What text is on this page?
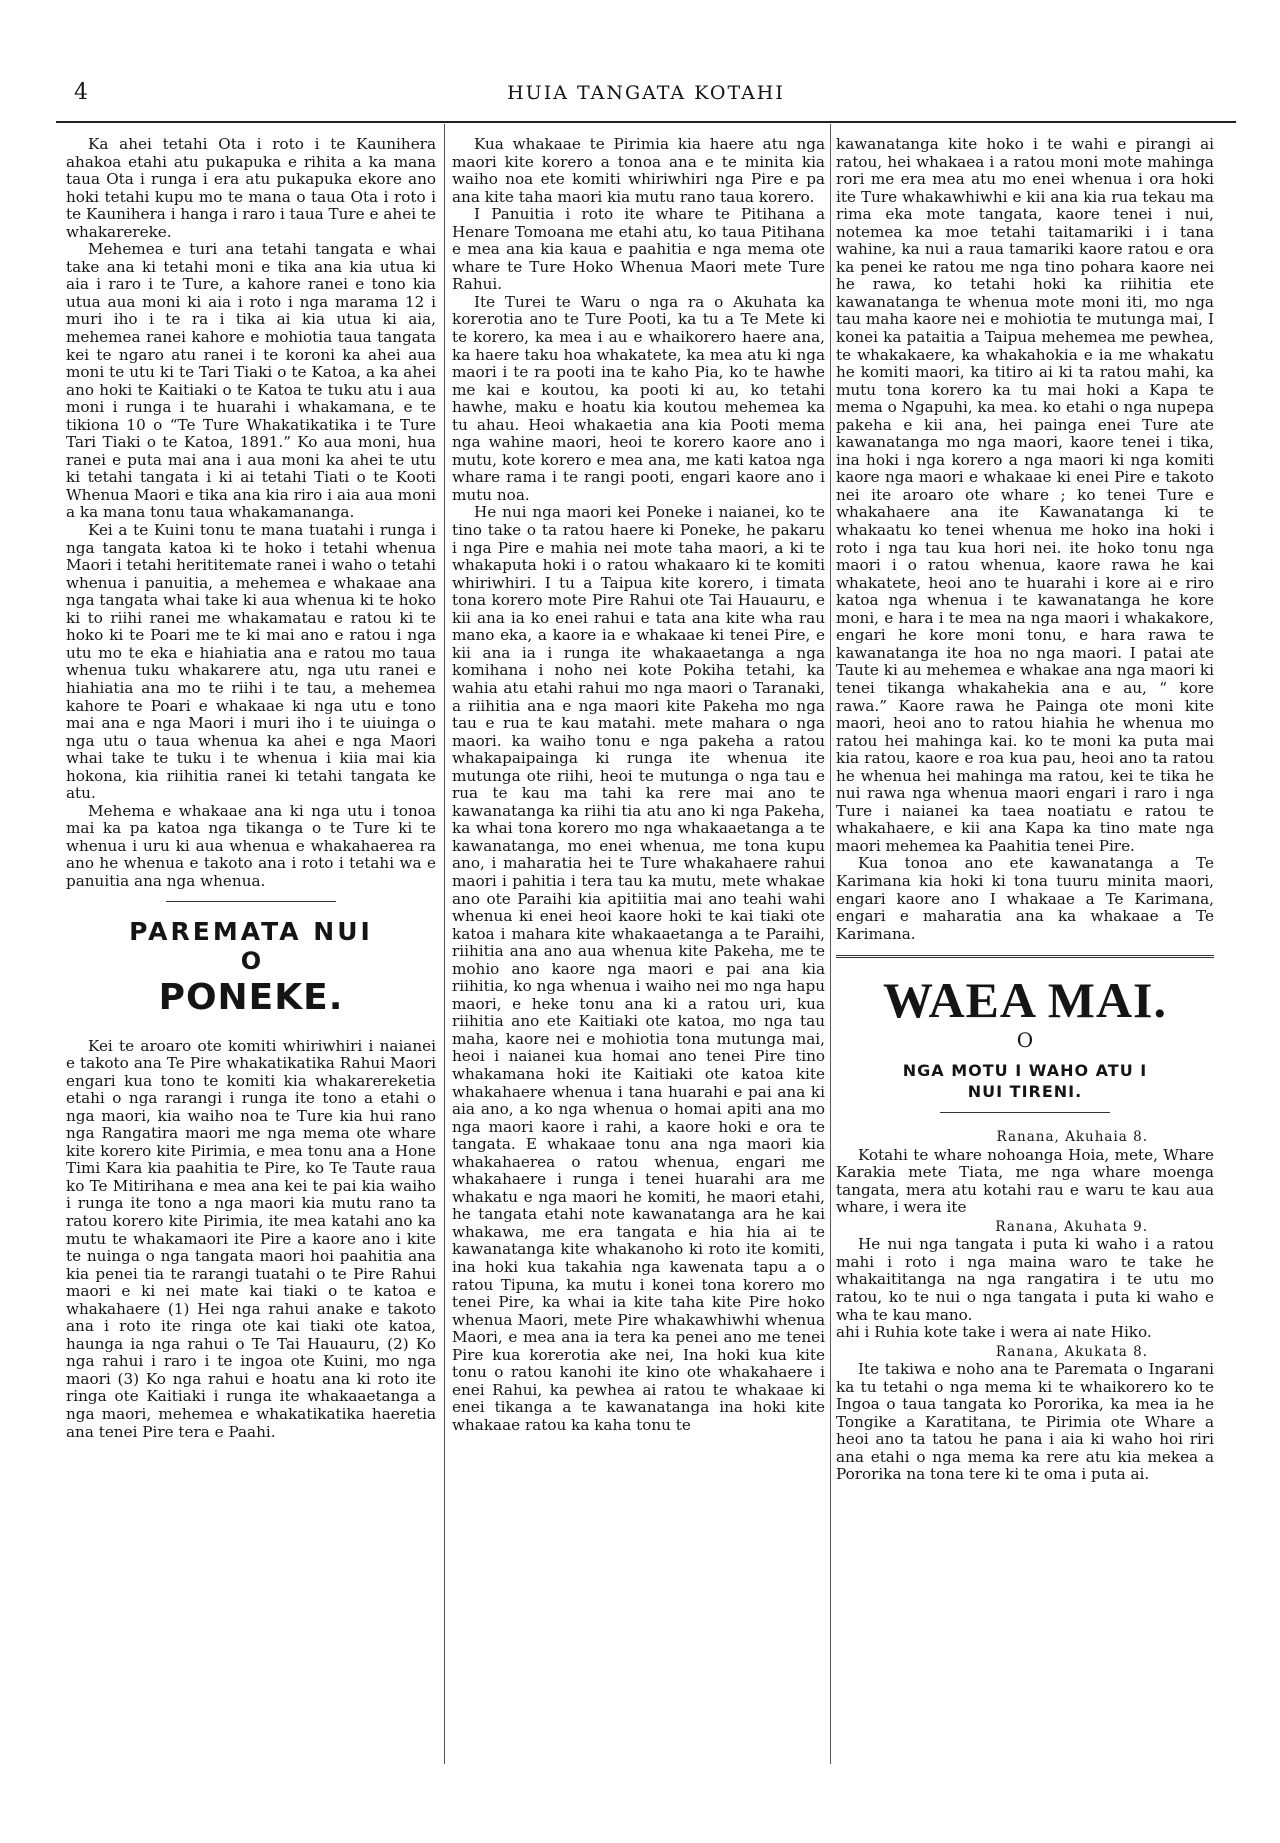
4	HUIA TANGATA KOTAHI

Ka ahei tetahi Ota i roto i te Kaunihera ahakoa etahi atu pukapuka e rihita a ka mana taua Ota i runga i era atu pukapuka ekore ano hoki tetahi kupu mo te mana o taua Ota i roto i te Kaunihera i hanga i raro i taua Ture e ahei te whakarereke.

Mehemea e turi ana tetahi tangata e whai take ana ki tetahi moni e tika ana kia utua ki aia i raro i te Ture, a kahore ranei e tono kia utua aua moni ki aia i roto i nga marama 12 i muri iho i te ra i tika ai kia utua ki aia, mehemea ranei kahore e mohiotia taua tangata kei te ngaro atu ranei i te koroni ka ahei aua moni te utu ki te Tari Tiaki o te Katoa, a ka ahei ano hoki te Kaitiaki o te Katoa te tuku atu i aua moni i runga i te huarahi i whakamana, e te tikiona 10 o “Te Ture Whakatikatika i te Ture Tari Tiaki o te Katoa, 1891.” Ko aua moni, hua ranei e puta mai ana i aua moni ka ahei te utu ki tetahi tangata i ki ai tetahi Tiati o te Kooti Whenua Maori e tika ana kia riro i aia aua moni a ka mana tonu taua whakamananga.

Kei a te Kuini tonu te mana tuatahi i runga i nga tangata katoa ki te hoko i tetahi whenua Maori i tetahi herititemate ranei i waho o tetahi whenua i panuitia, a mehemea e whakaae ana nga tangata whai take ki aua whenua ki te hoko ki to riihi ranei me whakamatau e ratou ki te hoko ki te Poari me te ki mai ano e ratou i nga utu mo te eka e hiahiatia ana e ratou mo taua whenua tuku whakarere atu, nga utu ranei e hiahiatia ana mo te riihi i te tau, a mehemea kahore te Poari e whakaae ki nga utu e tono mai ana e nga Maori i muri iho i te uiuinga o nga utu o taua whenua ka ahei e nga Maori whai take te tuku i te whenua i kiia mai kia hokona, kia riihitia ranei ki tetahi tangata ke atu.

Mehema e whakaae ana ki nga utu i tonoa mai ka pa katoa nga tikanga o te Ture ki te whenua i uru ki aua whenua e whakahaerea ra ano he whenua e takoto ana i roto i tetahi wa e panuitia ana nga whenua.

PAREMATA NUI
O
PONEKE.

Kei te aroaro ote komiti whiriwhiri i naianei e takoto ana Te Pire whakatikatika Rahui Maori engari kua tono te komiti kia whakarereketia etahi o nga rarangi i runga ite tono a etahi o nga maori, kia waiho noa te Ture kia hui rano nga Rangatira maori me nga mema ote whare kite korero kite Pirimia, e mea tonu ana a Hone Timi Kara kia paahitia te Pire, ko Te Taute raua ko Te Mitirihana e mea ana kei te pai kia waiho i runga ite tono a nga maori kia mutu rano ta ratou korero kite Pirimia, ite mea katahi ano ka mutu te whakamaori ite Pire a kaore ano i kite te nuinga o nga tangata maori hoi paahitia ana kia penei tia te rarangi tuatahi o te Pire Rahui maori e ki nei mate kai tiaki o te katoa e whakahaere (1) Hei nga rahui anake e takoto ana i roto ite ringa ote kai tiaki ote katoa, haunga ia nga rahui o Te Tai Hauauru, (2) Ko nga rahui i raro i te ingoa ote Kuini, mo nga maori (3) Ko nga rahui e hoatu ana ki roto ite ringa ote Kaitiaki i runga ite whakaaetanga a nga maori, mehemea e whakatikatika haeretia ana tenei Pire tera e Paahi.

Kua whakaae te Pirimia kia haere atu nga maori kite korero a tonoa ana e te minita kia waiho noa ete komiti whiriwhiri nga Pire e pa ana kite taha maori kia mutu rano taua korero.

I Panuitia i roto ite whare te Pitihana a Henare Tomoana me etahi atu, ko taua Pitihana e mea ana kia kaua e paahitia e nga mema ote whare te Ture Hoko Whenua Maori mete Ture Rahui.

Ite Turei te Waru o nga ra o Akuhata ka korerotia ano te Ture Pooti, ka tu a Te Mete ki te korero, ka mea i au e whaikorero haere ana, ka haere taku hoa whakatete, ka mea atu ki nga maori i te ra pooti ina te kaho Pia, ko te hawhe me kai e koutou, ka pooti ki au, ko tetahi hawhe, maku e hoatu kia koutou mehemea ka tu ahau. Heoi whakaetia ana kia Pooti mema nga wahine maori, heoi te korero kaore ano i mutu, kote korero e mea ana, me kati katoa nga whare rama i te rangi pooti, engari kaore ano i mutu noa.

He nui nga maori kei Poneke i naianei, ko te tino take o ta ratou haere ki Poneke, he pakaru i nga Pire e mahia nei mote taha maori, a ki te whakaputa hoki i o ratou whakaaro ki te komiti whiriwhiri. I tu a Taipua kite korero, i timata tona korero mote Pire Rahui ote Tai Hauauru, e kii ana ia ko enei rahui e tata ana kite wha rau mano eka, a kaore ia e whakaae ki tenei Pire, e kii ana ia i runga ite whakaaetanga a nga komihana i noho nei kote Pokiha tetahi, ka wahia atu etahi rahui mo nga maori o Taranaki, a riihitia ana e nga maori kite Pakeha mo nga tau e rua te kau matahi. mete mahara o nga maori. ka waiho tonu e nga pakeha a ratou whakapaipainga ki runga ite whenua ite mutunga ote riihi, heoi te mutunga o nga tau e rua te kau ma tahi ka rere mai ano te kawanatanga ka riihi tia atu ano ki nga Pakeha, ka whai tona korero mo nga whakaaetanga a te kawanatanga, mo enei whenua, me tona kupu ano, i maharatia hei te Ture whakahaere rahui maori i pahitia i tera tau ka mutu, mete whakae ano ote Paraihi kia apitiitia mai ano teahi wahi whenua ki enei heoi kaore hoki te kai tiaki ote katoa i mahara kite whakaaetanga a te Paraihi, riihitia ana ano aua whenua kite Pakeha, me te mohio ano kaore nga maori e pai ana kia riihitia, ko nga whenua i waiho nei mo nga hapu maori, e heke tonu ana ki a ratou uri, kua riihitia ano ete Kaitiaki ote katoa, mo nga tau maha, kaore nei e mohiotia tona mutunga mai, heoi i naianei kua homai ano tenei Pire tino whakamana hoki ite Kaitiaki ote katoa kite whakahaere whenua i tana huarahi e pai ana ki aia ano, a ko nga whenua o homai apiti ana mo nga maori kaore i rahi, a kaore hoki e ora te tangata. E whakaae tonu ana nga maori kia whakahaerea o ratou whenua, engari me whakahaere i runga i tenei huarahi ara me whakatu e nga maori he komiti, he maori etahi, he tangata etahi note kawanatanga ara he kai whakawa, me era tangata e hia hia ai te kawanatanga kite whakanoho ki roto ite komiti, ina hoki kua takahia nga kawenata tapu a o ratou Tipuna, ka mutu i konei tona korero mo tenei Pire, ka whai ia kite taha kite Pire hoko whenua Maori, mete Pire whakawhiwhi whenua Maori, e mea ana ia tera ka penei ano me tenei Pire kua korerotia ake nei, Ina hoki kua kite tonu o ratou kanohi ite kino ote whakahaere i enei Rahui, ka pewhea ai ratou te whakaae ki enei tikanga a te kawanatanga ina hoki kite whakaae ratou ka kaha tonu te

kawanatanga kite hoko i te wahi e pirangi ai ratou, hei whakaea i a ratou moni mote mahinga rori me era mea atu mo enei whenua i ora hoki ite Ture whakawhiwhi e kii ana kia rua tekau ma rima eka mote tangata, kaore tenei i nui, notemea ka moe tetahi taitamariki i i tana wahine, ka nui a raua tamariki kaore ratou e ora ka penei ke ratou me nga tino pohara kaore nei he rawa, ko tetahi hoki ka riihitia ete kawanatanga te whenua mote moni iti, mo nga tau maha kaore nei e mohiotia te mutunga mai, I konei ka pataitia a Taipua mehemea me pewhea, te whakakaere, ka whakahokia e ia me whakatu he komiti maori, ka titiro ai ki ta ratou mahi, ka mutu tona korero ka tu mai hoki a Kapa te mema o Ngapuhi, ka mea. ko etahi o nga nupepa pakeha e kii ana, hei painga enei Ture ate kawanatanga mo nga maori, kaore tenei i tika, ina hoki i nga korero a nga maori ki nga komiti kaore nga maori e whakaae ki enei Pire e takoto nei ite aroaro ote whare ; ko tenei Ture e whakahaere ana ite Kawanatanga ki te whakaatu ko tenei whenua me hoko ina hoki i roto i nga tau kua hori nei. ite hoko tonu nga maori i o ratou whenua, kaore rawa he kai whakatete, heoi ano te huarahi i kore ai e riro katoa nga whenua i te kawanatanga he kore moni, e hara i te mea na nga maori i whakakore, engari he kore moni tonu, e hara rawa te kawanatanga ite hoa no nga maori. I patai ate Taute ki au mehemea e whakae ana nga maori ki tenei tikanga whakahekia ana e au, “ kore rawa.” Kaore rawa he Painga ote moni kite maori, heoi ano to ratou hiahia he whenua mo ratou hei mahinga kai. ko te moni ka puta mai kia ratou, kaore e roa kua pau, heoi ano ta ratou he whenua hei mahinga ma ratou, kei te tika he nui rawa nga whenua maori engari i raro i nga Ture i naianei ka taea noatiatu e ratou te whakahaere, e kii ana Kapa ka tino mate nga maori mehemea ka Paahitia tenei Pire.

Kua tonoa ano ete kawanatanga a Te Karimana kia hoki ki tona tuuru minita maori, engari kaore ano I whakaae a Te Karimana, engari e maharatia ana ka whakaae a Te Karimana.

WAEA MAI.
O
NGA MOTU I WAHO ATU I
NUI TIRENI.
Ranana, Akuhaia 8.

Kotahi te whare nohoanga Hoia, mete, Whare Karakia mete Tiata, me nga whare moenga tangata, mera atu kotahi rau e waru te kau aua whare, i wera ite

Ranana, Akuhata 9.

He nui nga tangata i puta ki waho i a ratou mahi i roto i nga maina waro te take he whakaititanga na nga rangatira i te utu mo ratou, ko te nui o nga tangata i puta ki waho e wha te kau mano.

ahi i Ruhia kote take i wera ai nate Hiko.

Ranana, Akukata 8.

Ite takiwa e noho ana te Paremata o Ingarani ka tu tetahi o nga mema ki te whaikorero ko te Ingoa o taua tangata ko Pororika, ka mea ia he Tongike a Karatitana, te Pirimia ote Whare a heoi ano ta tatou he pana i aia ki waho hoi riri ana etahi o nga mema ka rere atu kia mekea a Pororika na tona tere ki te oma i puta ai.
